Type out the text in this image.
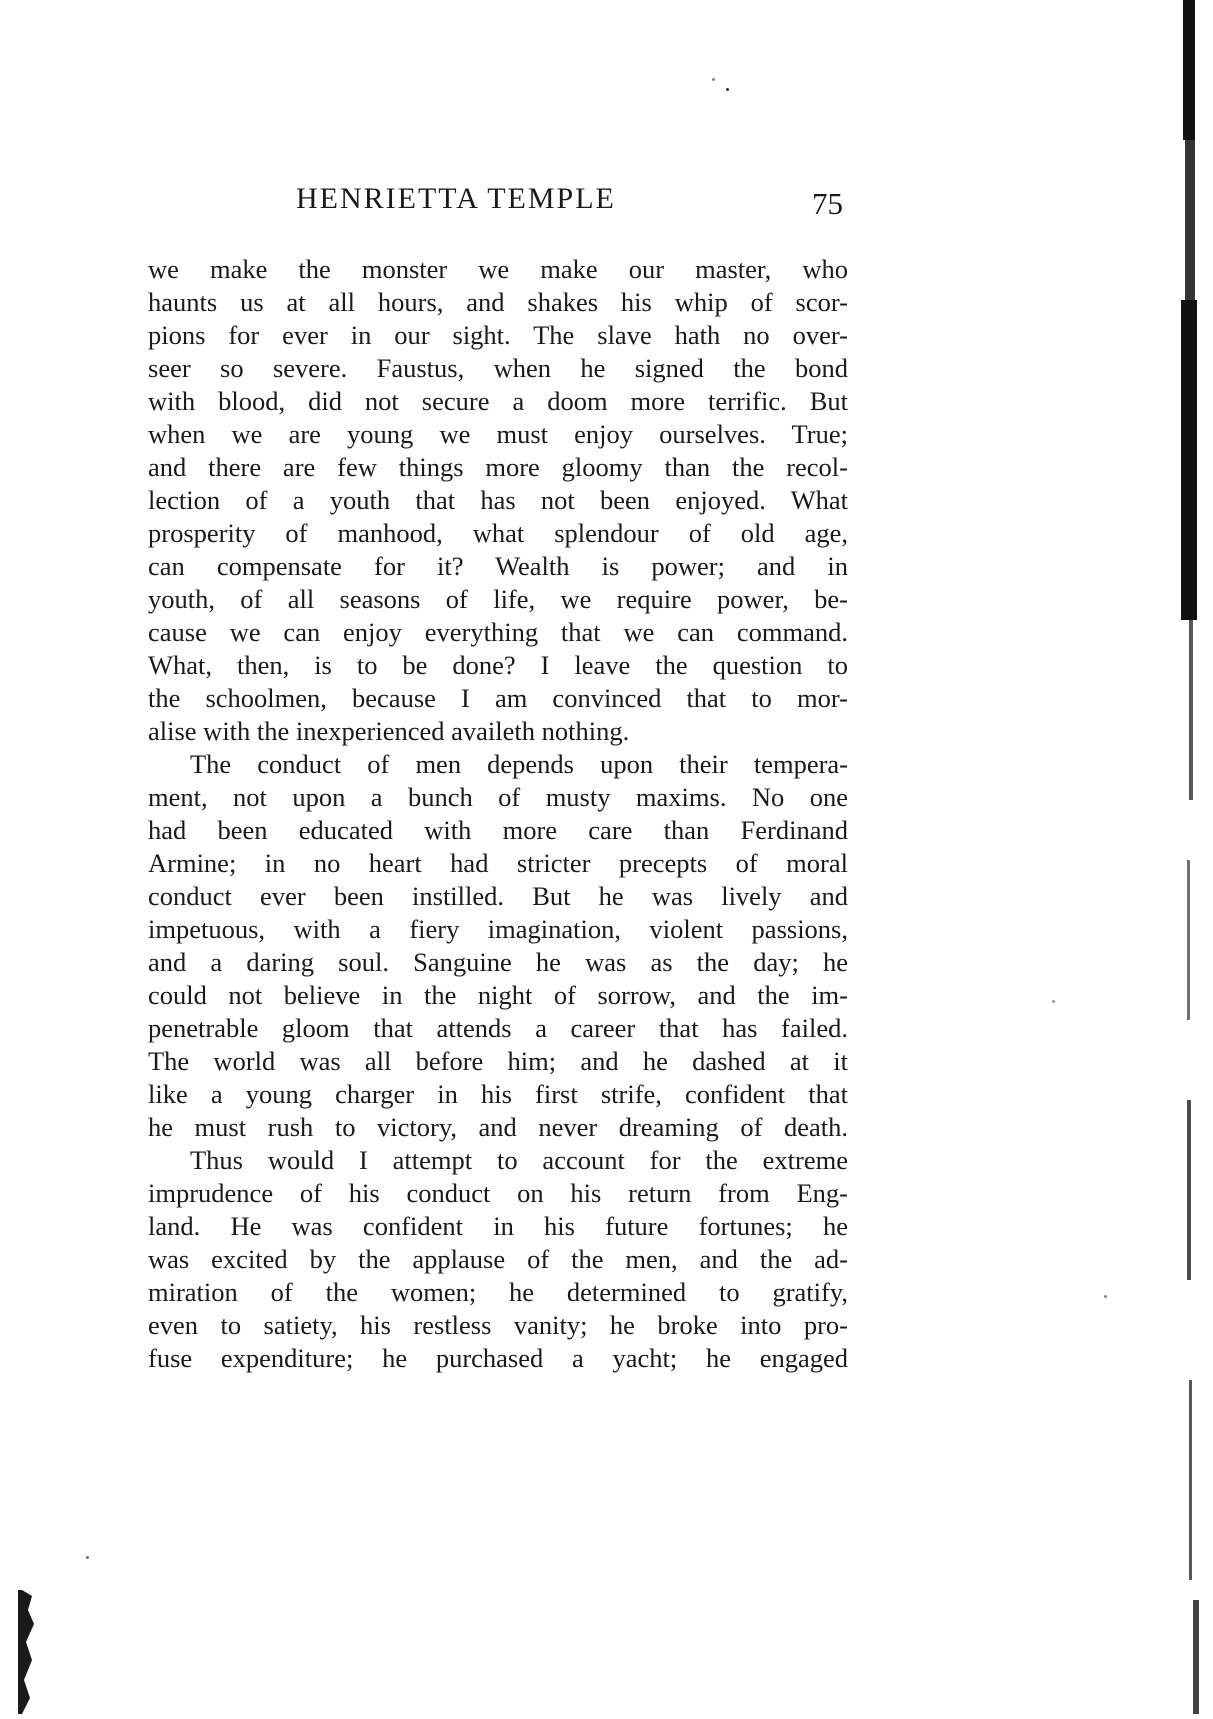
HENRIETTA TEMPLE	75
we make the monster we make our master, who
haunts us at all hours, and shakes his whip of scor-
pions for ever in our sight. The slave hath no over-
seer so severe. Faustus, when he signed the bond
with blood, did not secure a doom more terrific. But
when we are young we must enjoy ourselves. True;
and there are few things more gloomy than the recol-
lection of a youth that has not been enjoyed. What
prosperity of manhood, what splendour of old age,
can compensate for it? Wealth is power; and in
youth, of all seasons of life, we require power, be-
cause we can enjoy everything that we can command.
What, then, is to be done? I leave the question to
the schoolmen, because I am convinced that to mor-
alise with the inexperienced availeth nothing.
The conduct of men depends upon their tempera-
ment, not upon a bunch of musty maxims. No one
had been educated with more care than Ferdinand
Armine; in no heart had stricter precepts of moral
conduct ever been instilled. But he was lively and
impetuous, with a fiery imagination, violent passions,
and a daring soul. Sanguine he was as the day; he
could not believe in the night of sorrow, and the im-
penetrable gloom that attends a career that has failed.
The world was all before him; and he dashed at it
like a young charger in his first strife, confident that
he must rush to victory, and never dreaming of death.
Thus would I attempt to account for the extreme
imprudence of his conduct on his return from Eng-
land. He was confident in his future fortunes; he
was excited by the applause of the men, and the ad-
miration of the women; he determined to gratify,
even to satiety, his restless vanity; he broke into pro-
fuse expenditure; he purchased a yacht; he engaged
